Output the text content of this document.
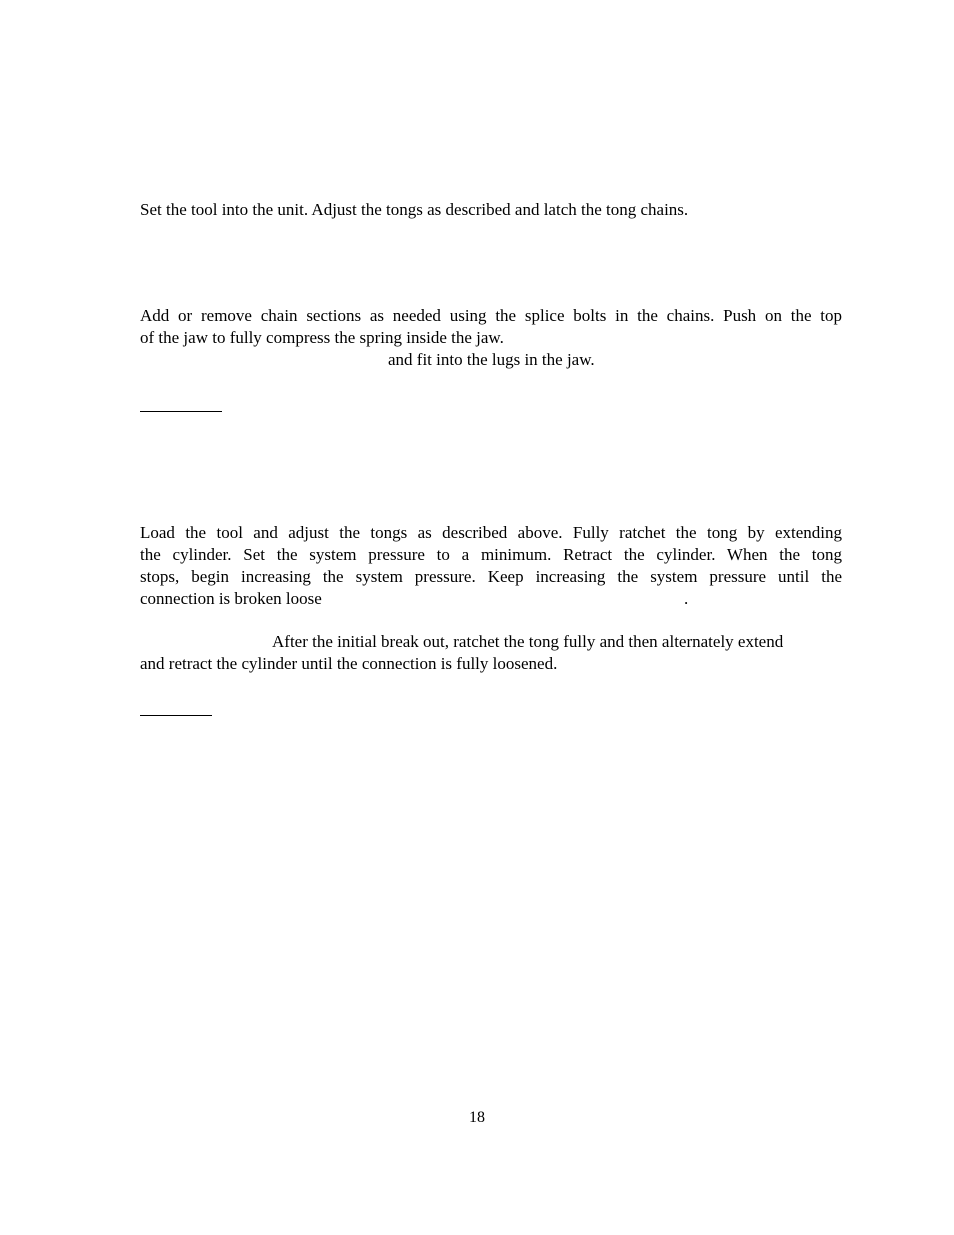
Set the tool into the unit. Adjust the tongs as described and latch the tong chains.

Add or remove chain sections as needed using the splice bolts in the chains. Push on the top
of the jaw to fully compress the spring inside the jaw.
and fit into the lugs in the jaw.

Load the tool and adjust the tongs as described above. Fully ratchet the tong by extending
the cylinder. Set the system pressure to a minimum. Retract the cylinder. When the tong
stops, begin increasing the system pressure. Keep increasing the system pressure until the
connection is broken loose	.

After the initial break out, ratchet the tong fully and then alternately extend
and retract the cylinder until the connection is fully loosened.

18
